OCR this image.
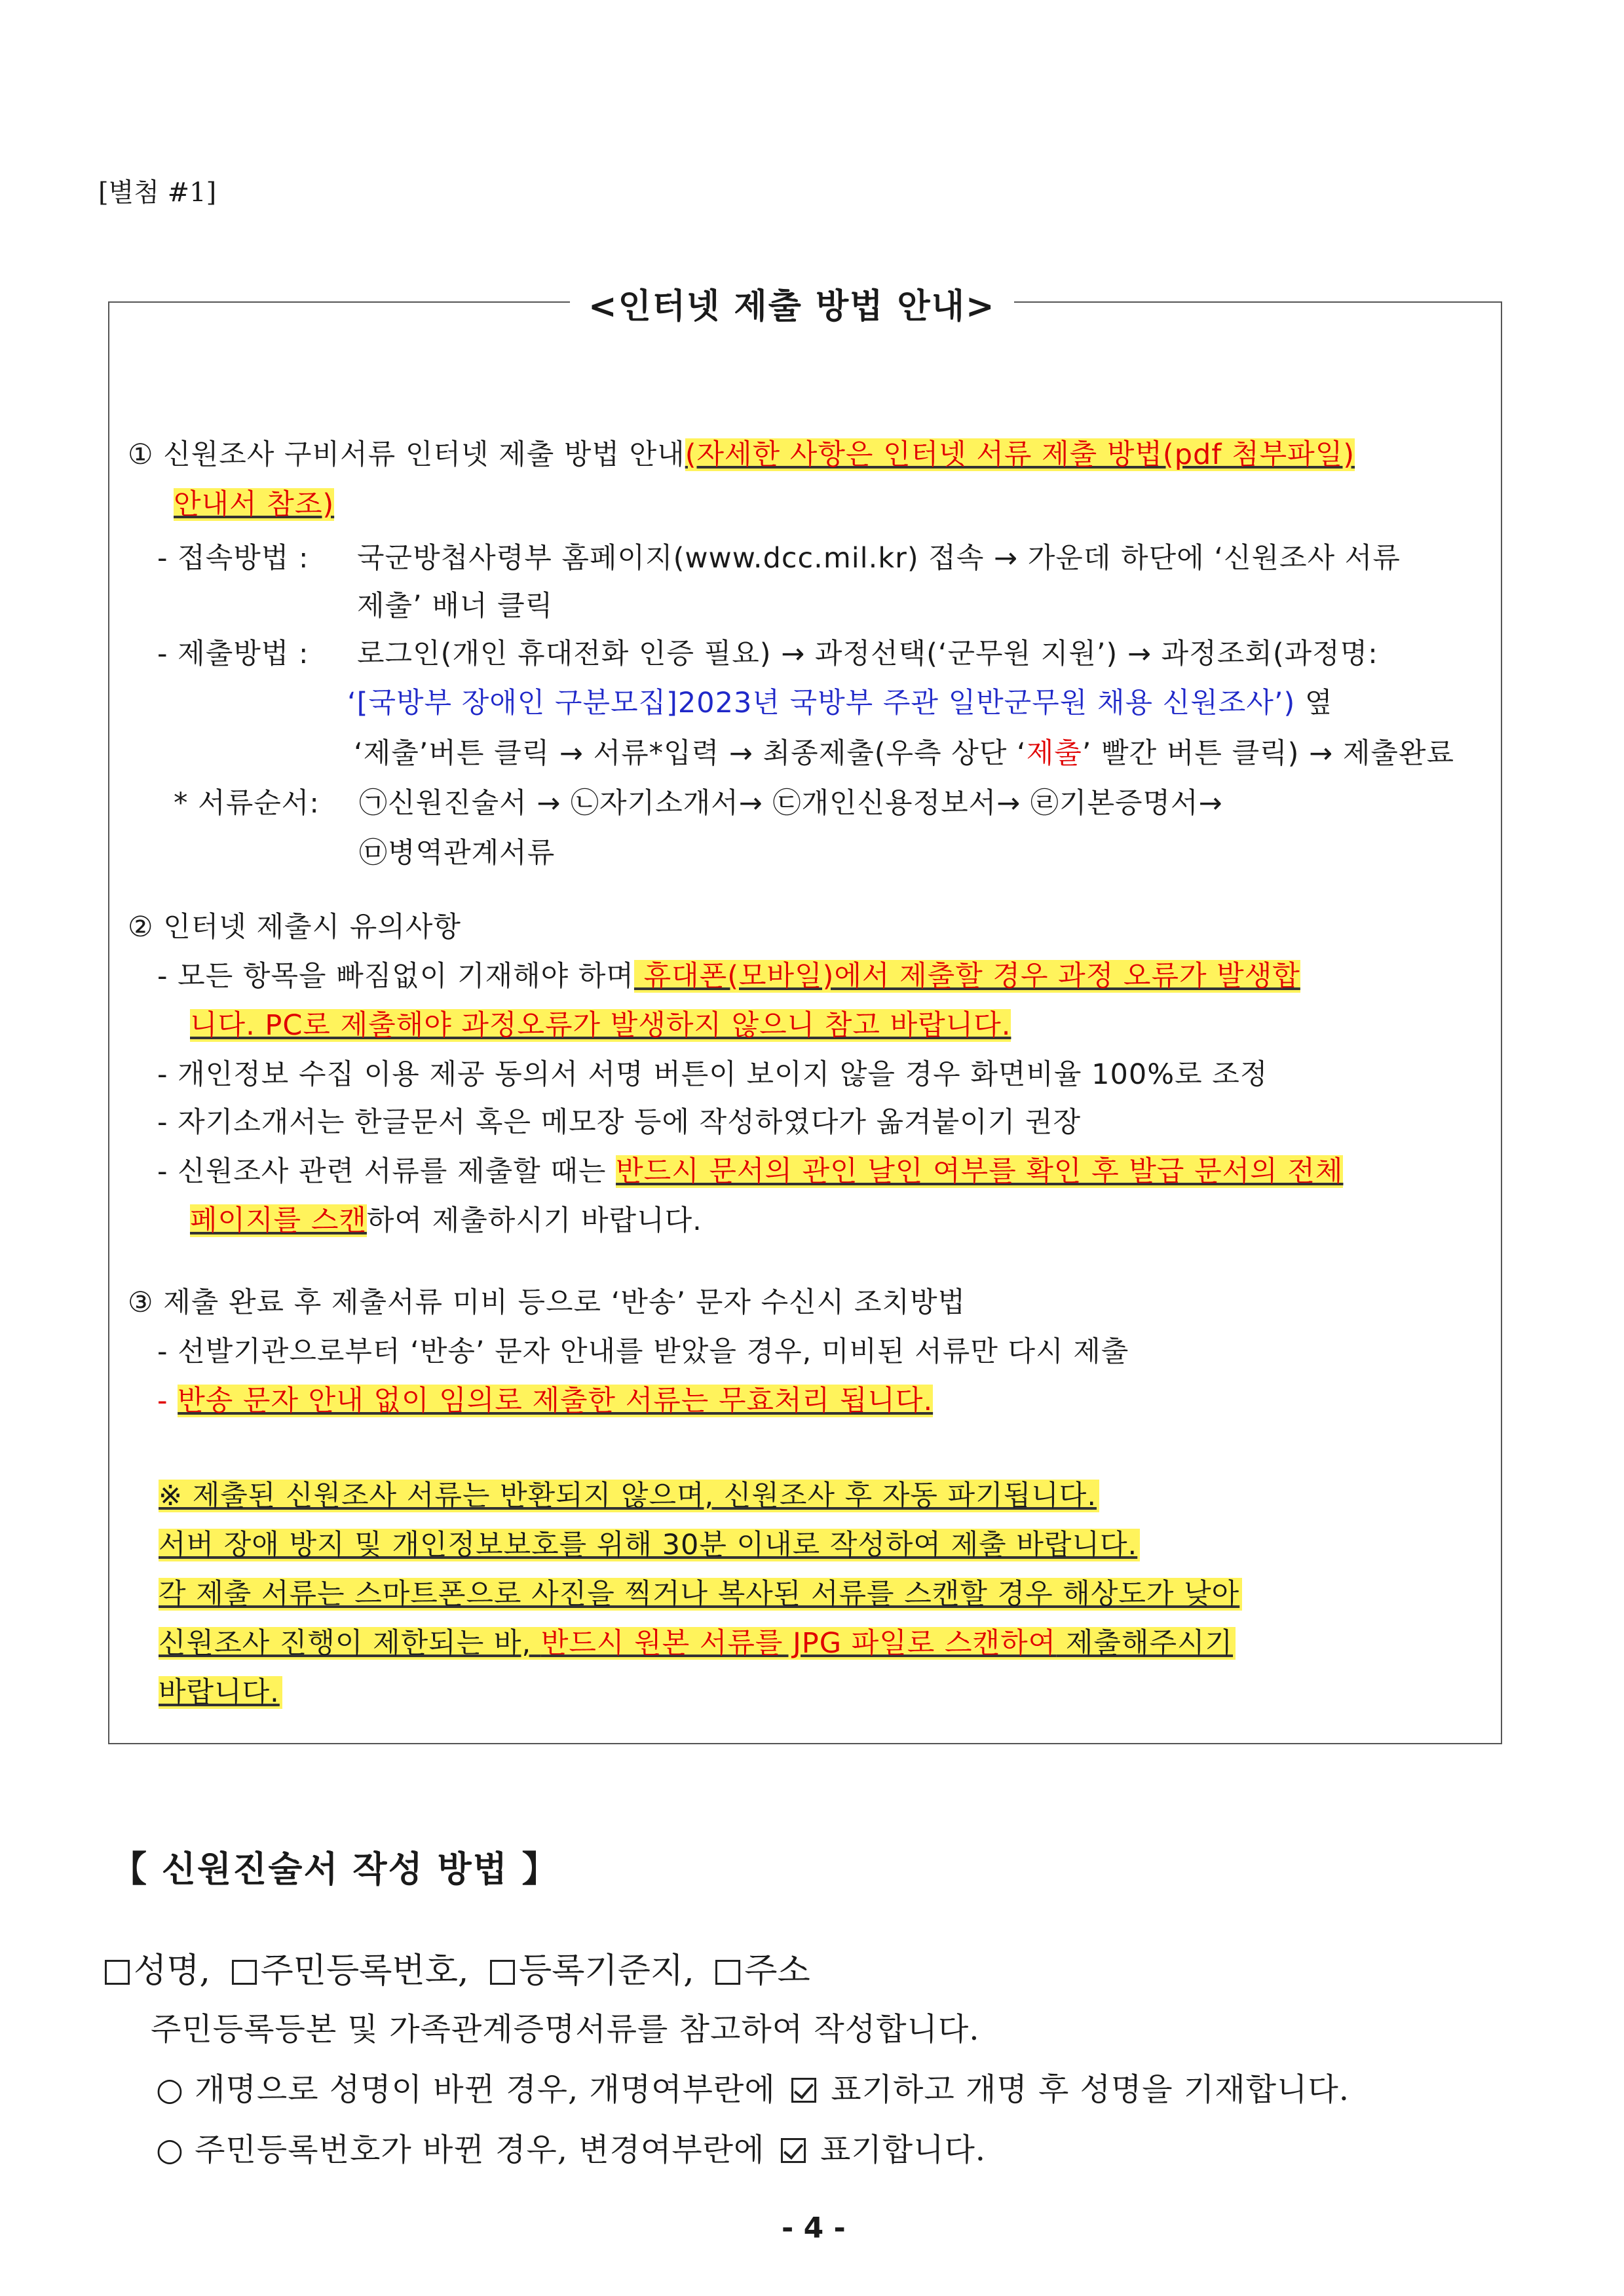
[별첨 #1]
<인터넷 제출 방법 안내>
① 신원조사 구비서류 인터넷 제출 방법 안내(자세한 사항은 인터넷 서류 제출 방법(pdf 첨부파일)
안내서 참조)
- 접속방법 : 국군방첩사령부 홈페이지(www.dcc.mil.kr) 접속 → 가운데 하단에 ‘신원조사 서류
제출’ 배너 클릭
- 제출방법 : 로그인(개인 휴대전화 인증 필요) → 과정선택(‘군무원 지원’) → 과정조회(과정명:
‘[국방부 장애인 구분모집]2023년 국방부 주관 일반군무원 채용 신원조사’) 옆
‘제출’버튼 클릭 → 서류*입력 → 최종제출(우측 상단 ‘제출’ 빨간 버튼 클릭) → 제출완료
* 서류순서: ㉠신원진술서 → ㉡자기소개서→ ㉢개인신용정보서→ ㉣기본증명서→
㉤병역관계서류
② 인터넷 제출시 유의사항
- 모든 항목을 빠짐없이 기재해야 하며 휴대폰(모바일)에서 제출할 경우 과정 오류가 발생합
니다. PC로 제출해야 과정오류가 발생하지 않으니 참고 바랍니다.
- 개인정보 수집 이용 제공 동의서 서명 버튼이 보이지 않을 경우 화면비율 100%로 조정
- 자기소개서는 한글문서 혹은 메모장 등에 작성하였다가 옮겨붙이기 권장
- 신원조사 관련 서류를 제출할 때는 반드시 문서의 관인 날인 여부를 확인 후 발급 문서의 전체
페이지를 스캔하여 제출하시기 바랍니다.
③ 제출 완료 후 제출서류 미비 등으로 ‘반송’ 문자 수신시 조치방법
- 선발기관으로부터 ‘반송’ 문자 안내를 받았을 경우, 미비된 서류만 다시 제출
- 반송 문자 안내 없이 임의로 제출한 서류는 무효처리 됩니다.
※ 제출된 신원조사 서류는 반환되지 않으며, 신원조사 후 자동 파기됩니다.
서버 장애 방지 및 개인정보보호를 위해 30분 이내로 작성하여 제출 바랍니다.
각 제출 서류는 스마트폰으로 사진을 찍거나 복사된 서류를 스캔할 경우 해상도가 낮아
신원조사 진행이 제한되는 바, 반드시 원본 서류를 JPG 파일로 스캔하여 제출해주시기
바랍니다.
【 신원진술서 작성 방법 】
성명, 주민등록번호, 등록기준지, 주소
주민등록등본 및 가족관계증명서류를 참고하여 작성합니다.
○ 개명으로 성명이 바뀐 경우, 개명여부란에 표기하고 개명 후 성명을 기재합니다.
○ 주민등록번호가 바뀐 경우, 변경여부란에 표기합니다.
- 4 -
